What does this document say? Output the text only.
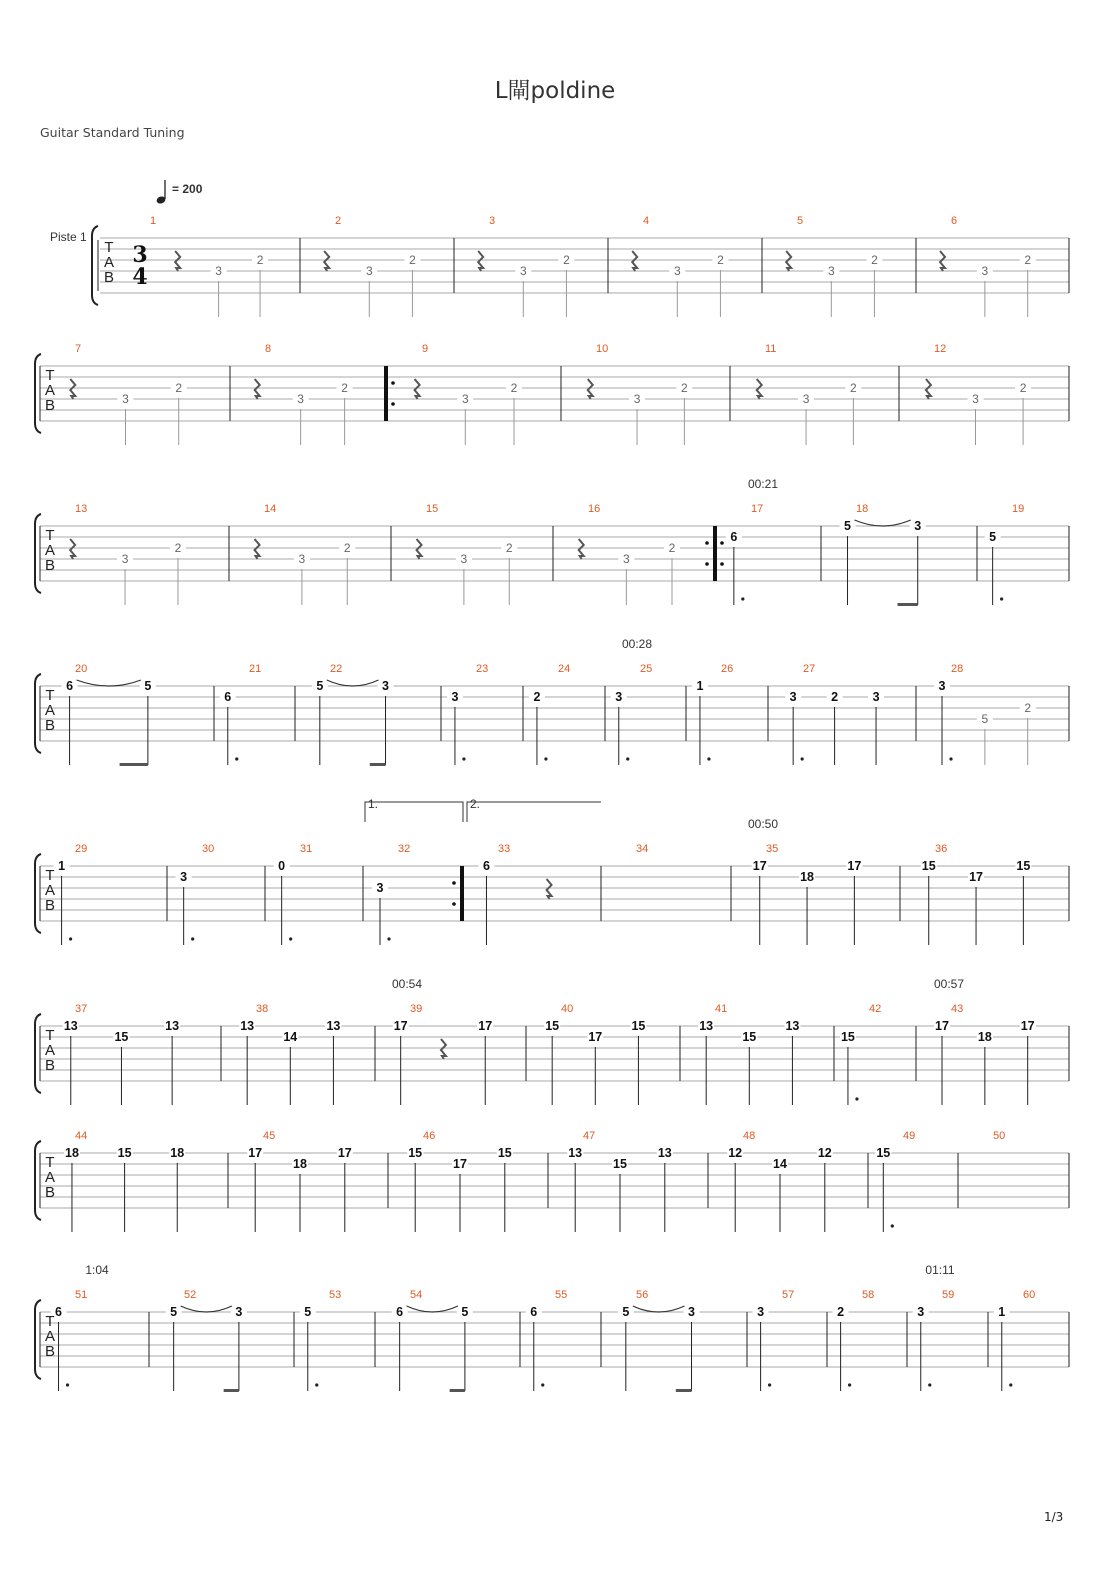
L閘poldine
Guitar Standard Tuning
1/3
= 200
Piste 1
T
A
B
3
4
1
3
2
2
3
2
3
3
2
4
3
2
5
3
2
6
3
2
T
A
B
7
3
2
8
3
2
9
3
2
10
3
2
11
3
2
12
3
2
T
A
B
13
3
2
14
3
2
15
3
2
16
3
2
17
6
18
5	3
19
5
00:21
T
A
B
20
6	5
21
6
22
5	3
23
3
24
2
25
3
26
1
27
3	2	3
28
3
5
2
00:28
T
A
B
29
1
30
3
31
0
32
3
33
6
34	35
17
18
17
36
15
17
15
00:50
T
A
B
37
13
15
13
38
13
14
13
39
17	17
40
15
17
15
41
13
15
13
42
15
43
17
18
17
00:54	00:57
T
A
B
44
18	15	18
45
17
18
17
46
15
17
15
47
13
15
13
48
12
14
12
49
15
50
T
A
B
51
6
52
5	3
53
5
54
6	5
55
6
56
5	3
57
3
58
2
59
3
60
1
1:04	01:11
1.	2.
